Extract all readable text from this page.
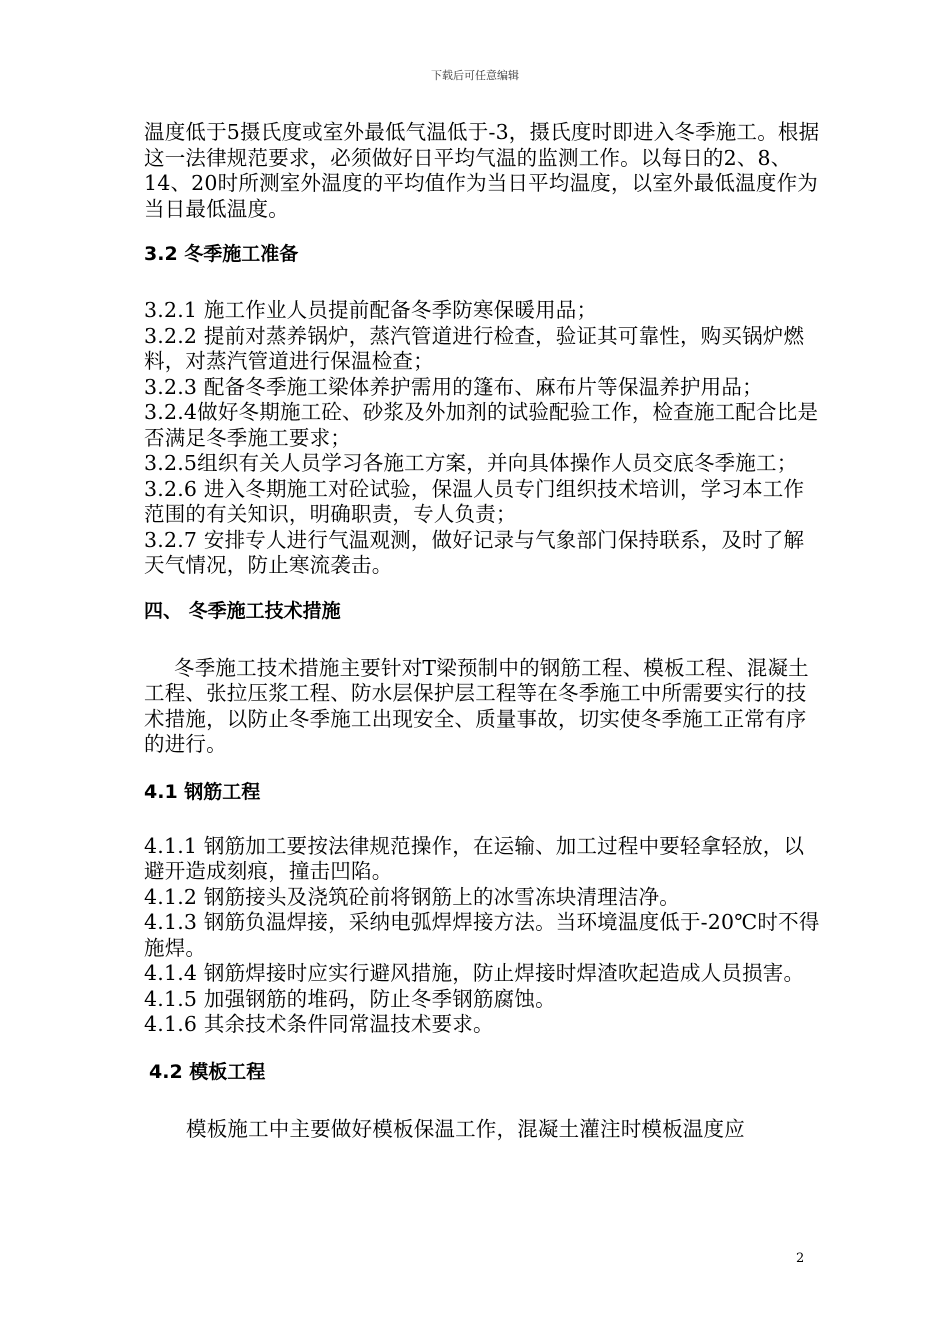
下载后可任意编辑

温度低于5摄氏度或室外最低气温低于-3，摄氏度时即进入冬季施工。根据这一法律规范要求，必须做好日平均气温的监测工作。以每日的2、8、14、20时所测室外温度的平均值作为当日平均温度，以室外最低温度作为当日最低温度。

3.2 冬季施工准备

3.2.1 施工作业人员提前配备冬季防寒保暖用品；

3.2.2 提前对蒸养锅炉，蒸汽管道进行检查，验证其可靠性，购买锅炉燃料，对蒸汽管道进行保温检查；

3.2.3 配备冬季施工梁体养护需用的篷布、麻布片等保温养护用品；

3.2.4做好冬期施工砼、砂浆及外加剂的试验配验工作，检查施工配合比是否满足冬季施工要求；

3.2.5组织有关人员学习各施工方案，并向具体操作人员交底冬季施工；

3.2.6 进入冬期施工对砼试验，保温人员专门组织技术培训，学习本工作范围的有关知识，明确职责，专人负责；

3.2.7 安排专人进行气温观测，做好记录与气象部门保持联系，及时了解天气情况，防止寒流袭击。

四、 冬季施工技术措施

冬季施工技术措施主要针对T梁预制中的钢筋工程、模板工程、混凝土工程、张拉压浆工程、防水层保护层工程等在冬季施工中所需要实行的技术措施，以防止冬季施工出现安全、质量事故，切实使冬季施工正常有序的进行。

4.1 钢筋工程

4.1.1 钢筋加工要按法律规范操作，在运输、加工过程中要轻拿轻放，以避开造成刻痕，撞击凹陷。

4.1.2 钢筋接头及浇筑砼前将钢筋上的冰雪冻块清理洁净。

4.1.3 钢筋负温焊接，采纳电弧焊焊接方法。当环境温度低于-20℃时不得施焊。

4.1.4 钢筋焊接时应实行避风措施，防止焊接时焊渣吹起造成人员损害。

4.1.5 加强钢筋的堆码，防止冬季钢筋腐蚀。

4.1.6 其余技术条件同常温技术要求。

4.2 模板工程

模板施工中主要做好模板保温工作，混凝土灌注时模板温度应

2
